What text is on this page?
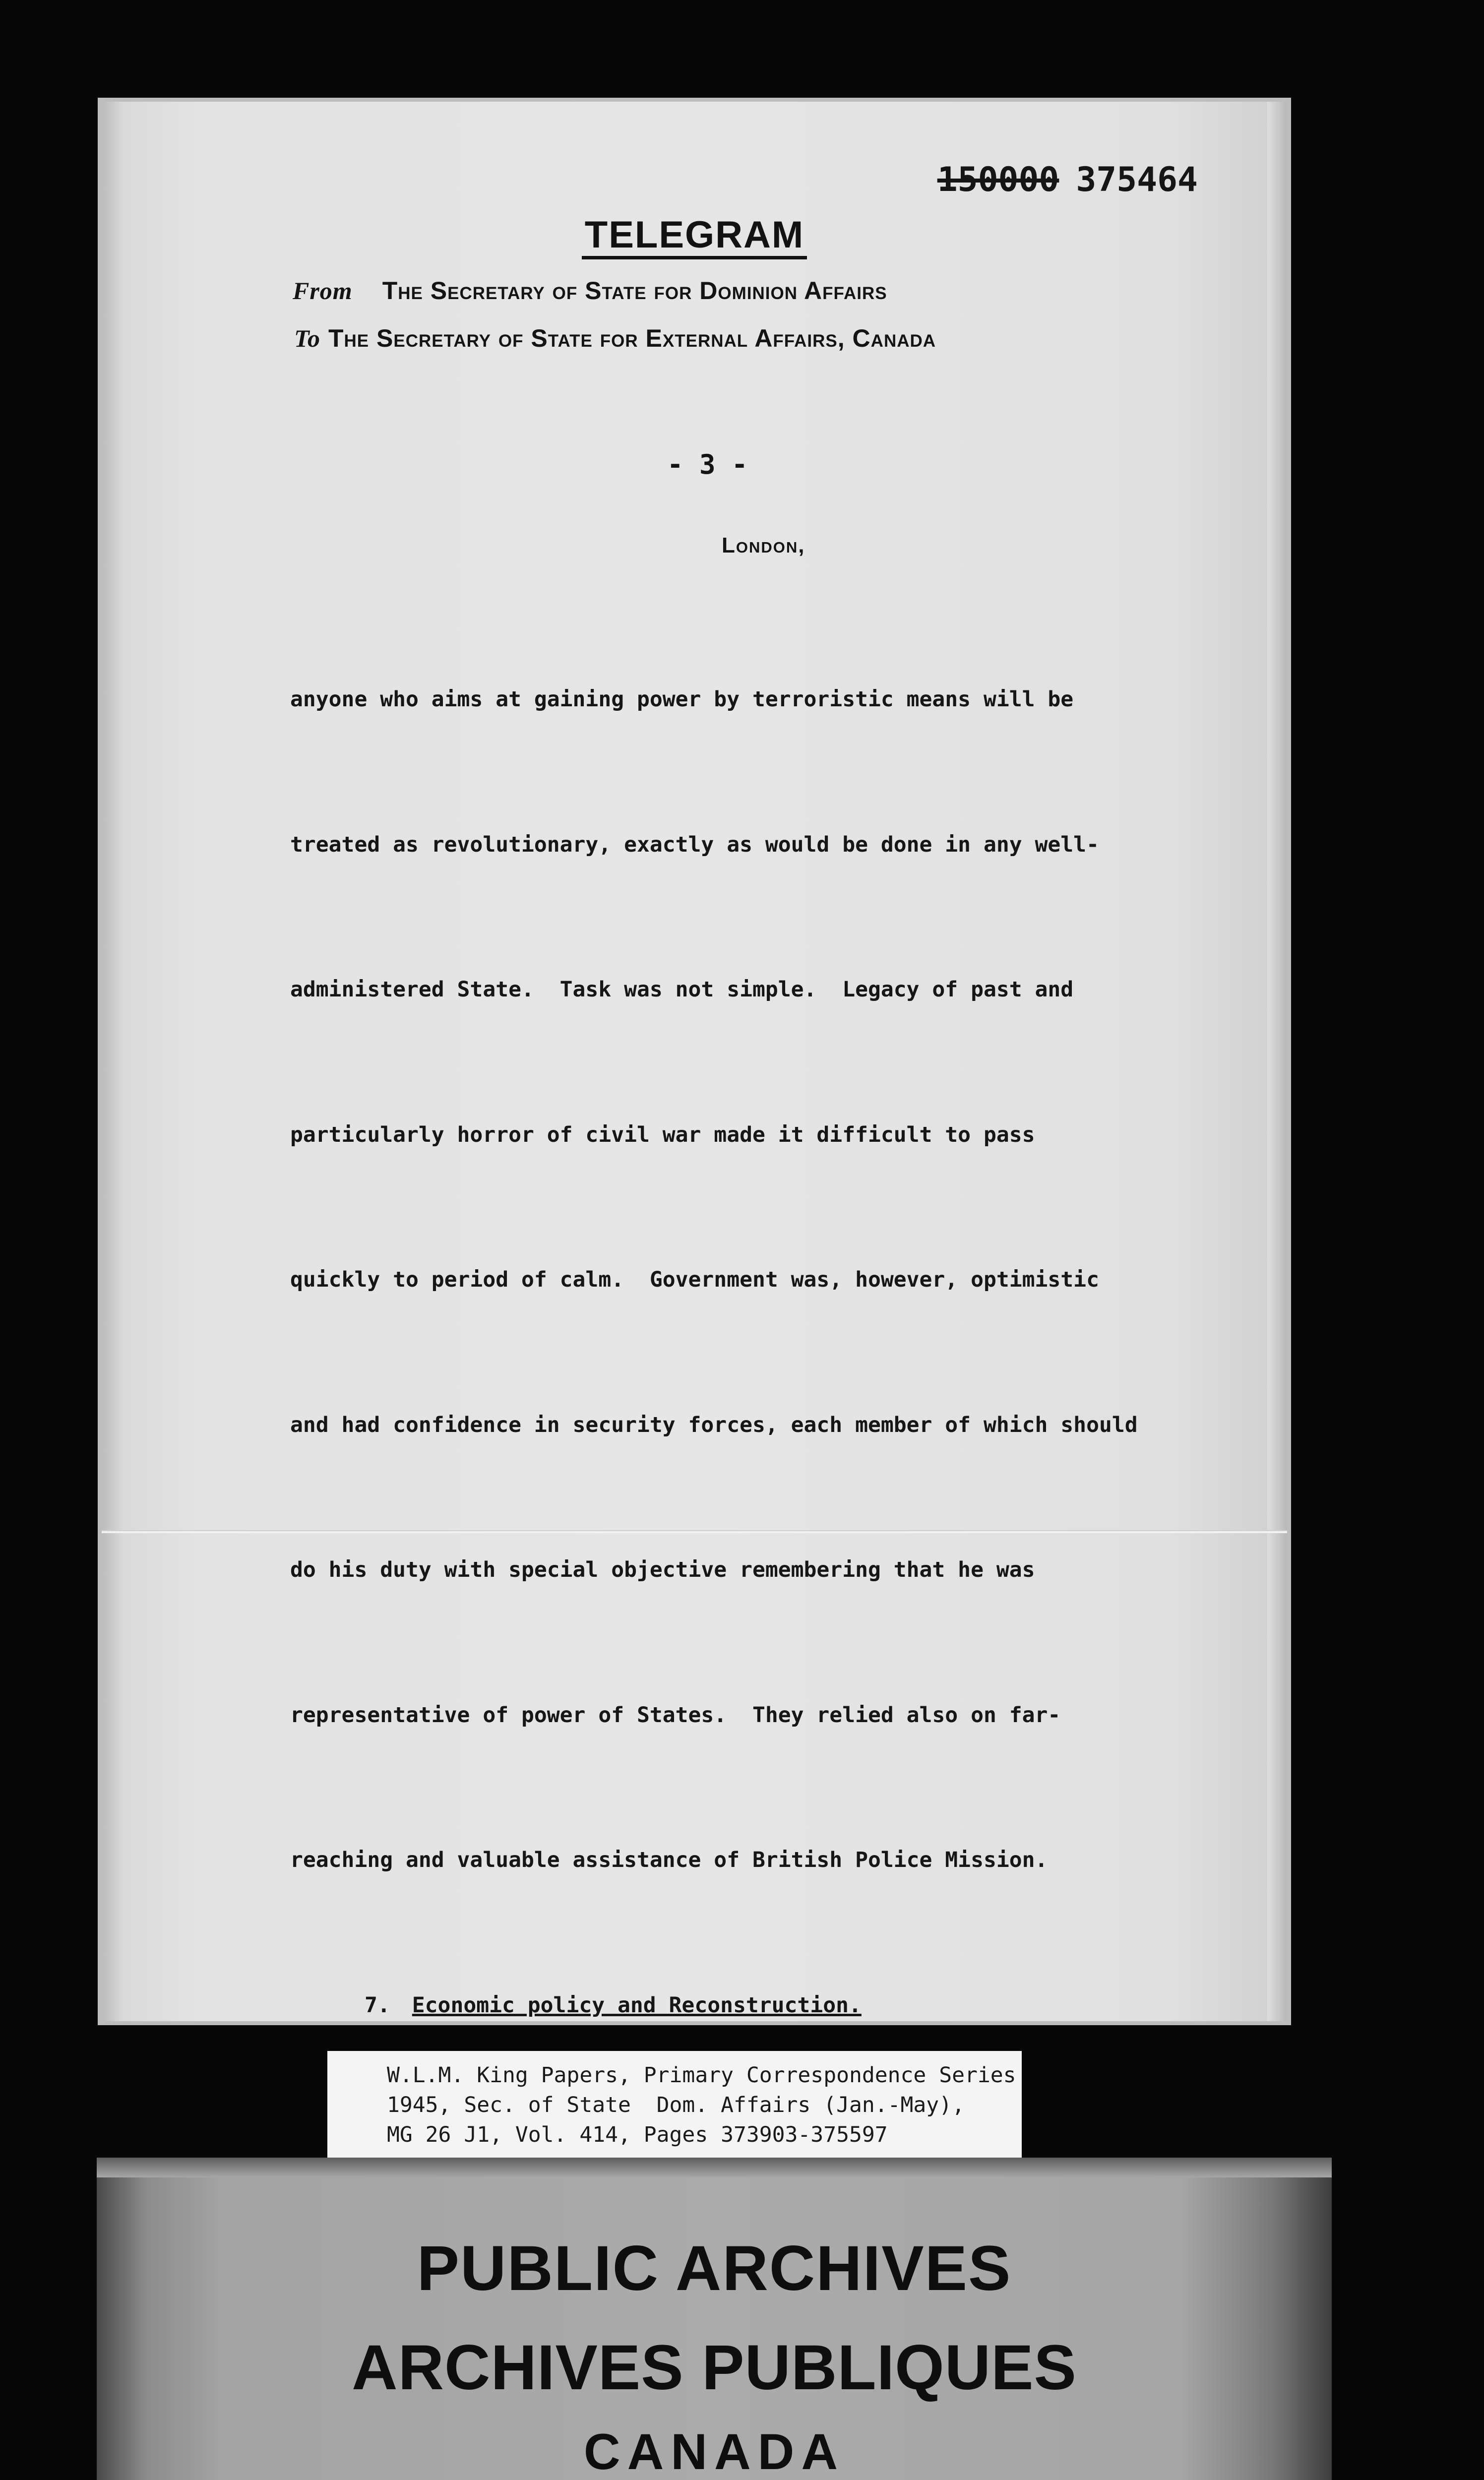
150000 375464
TELEGRAM
From The Secretary of State for Dominion Affairs
To The Secretary of State for External Affairs, Canada
- 3 -
London,

anyone who aims at gaining power by terroristic means will be

treated as revolutionary, exactly as would be done in any well-

administered State.  Task was not simple.  Legacy of past and

particularly horror of civil war made it difficult to pass

quickly to period of calm.  Government was, however, optimistic

and had confidence in security forces, each member of which should

do his duty with special objective remembering that he was

representative of power of States.  They relied also on far-

reaching and valuable assistance of British Police Mission.

7. Economic policy and Reconstruction.

W.L.M. King Papers, Primary Correspondence Series
1945, Sec. of State  Dom. Affairs (Jan.-May),
MG 26 J1, Vol. 414, Pages 373903-375597
PUBLIC ARCHIVES
ARCHIVES PUBLIQUES
CANADA
